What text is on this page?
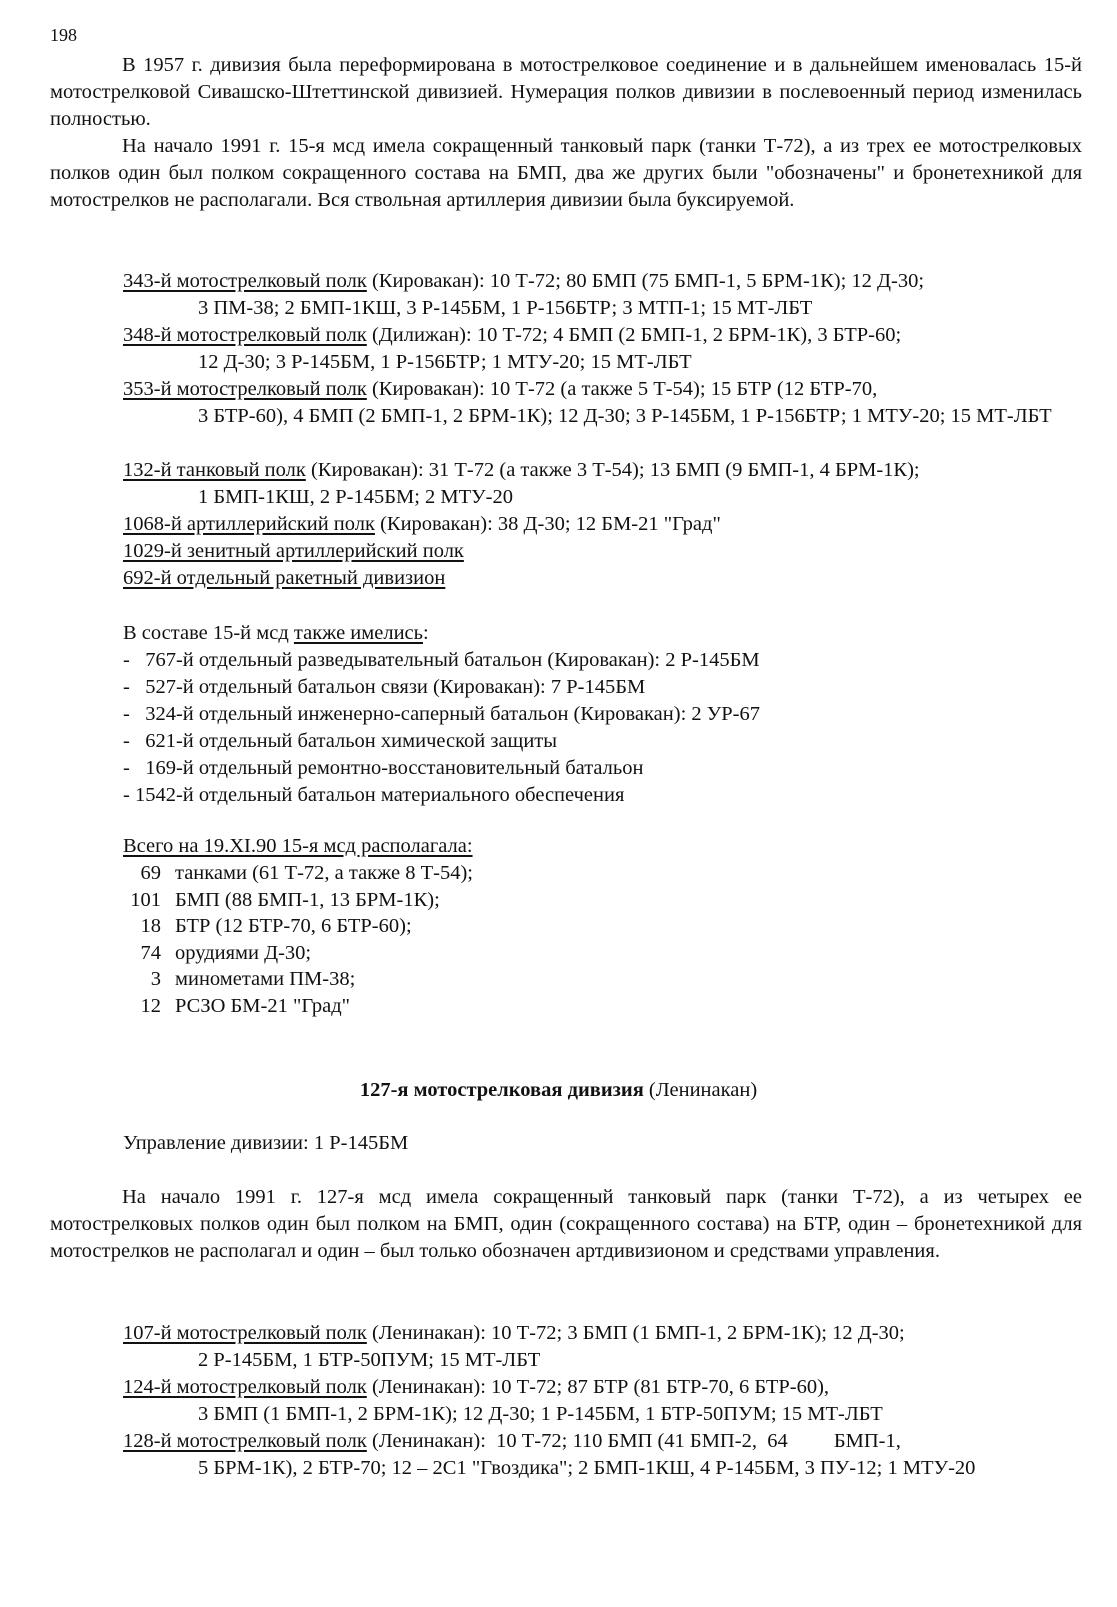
198

В 1957 г. дивизия была переформирована в мотострелковое соединение и в дальнейшем именовалась 15-й мотострелковой Сивашско-Штеттинской дивизией. Нумерация полков дивизии в послевоенный период изменилась полностью.

На начало 1991 г. 15-я мсд имела сокращенный танковый парк (танки Т-72), а из трех ее мотострелковых полков один был полком сокращенного состава на БМП, два же других были "обозначены" и бронетехникой для мотострелков не располагали. Вся ствольная артиллерия дивизии была буксируемой.

343-й мотострелковый полк (Кировакан): 10 Т-72; 80 БМП (75 БМП-1, 5 БРМ-1К); 12 Д-30;
3 ПМ-38; 2 БМП-1КШ, 3 Р-145БМ, 1 Р-156БТР; 3 МТП-1; 15 МТ-ЛБТ

348-й мотострелковый полк (Дилижан): 10 Т-72; 4 БМП (2 БМП-1, 2 БРМ-1К), 3 БТР-60;
12 Д-30; 3 Р-145БМ, 1 Р-156БТР; 1 МТУ-20; 15 МТ-ЛБТ

353-й мотострелковый полк (Кировакан): 10 Т-72 (а также 5 Т-54); 15 БТР (12 БТР-70,
3 БТР-60), 4 БМП (2 БМП-1, 2 БРМ-1К); 12 Д-30; 3 Р-145БМ, 1 Р-156БТР; 1 МТУ-20; 15 МТ-ЛБТ

132-й танковый полк (Кировакан): 31 Т-72 (а также 3 Т-54); 13 БМП (9 БМП-1, 4 БРМ-1К);
1 БМП-1КШ, 2 Р-145БМ; 2 МТУ-20

1068-й артиллерийский полк (Кировакан): 38 Д-30; 12 БМ-21 "Град"

1029-й зенитный артиллерийский полк

692-й отдельный ракетный дивизион

В составе 15-й мсд также имелись:

-   767-й отдельный разведывательный батальон (Кировакан): 2 Р-145БМ
-   527-й отдельный батальон связи (Кировакан): 7 Р-145БМ
-   324-й отдельный инженерно-саперный батальон (Кировакан): 2 УР-67
-   621-й отдельный батальон химической защиты
-   169-й отдельный ремонтно-восстановительный батальон
- 1542-й отдельный батальон материального обеспечения

Всего на 19.XI.90 15-я мсд располагала:

69 танками (61 Т-72, а также 8 Т-54);
101 БМП (88 БМП-1, 13 БРМ-1К);
18 БТР (12 БТР-70, 6 БТР-60);
74 орудиями Д-30;
3 минометами ПМ-38;
12 РСЗО БМ-21 "Град"

127-я мотострелковая дивизия (Ленинакан)

Управление дивизии: 1 Р-145БМ

На начало 1991 г. 127-я мсд имела сокращенный танковый парк (танки Т-72), а из четырех ее мотострелковых полков один был полком на БМП, один (сокращенного состава) на БТР, один – бронетехникой для мотострелков не располагал и один – был только обозначен артдивизионом и средствами управления.

107-й мотострелковый полк (Ленинакан): 10 Т-72; 3 БМП (1 БМП-1, 2 БРМ-1К); 12 Д-30;
2 Р-145БМ, 1 БТР-50ПУМ; 15 МТ-ЛБТ

124-й мотострелковый полк (Ленинакан): 10 Т-72; 87 БТР (81 БТР-70, 6 БТР-60),
3 БМП (1 БМП-1, 2 БРМ-1К); 12 Д-30; 1 Р-145БМ, 1 БТР-50ПУМ; 15 МТ-ЛБТ

128-й мотострелковый полк (Ленинакан):  10 Т-72; 110 БМП (41 БМП-2,  64         БМП-1,
5 БРМ-1К), 2 БТР-70; 12 – 2С1 "Гвоздика"; 2 БМП-1КШ, 4 Р-145БМ, 3 ПУ-12; 1 МТУ-20
